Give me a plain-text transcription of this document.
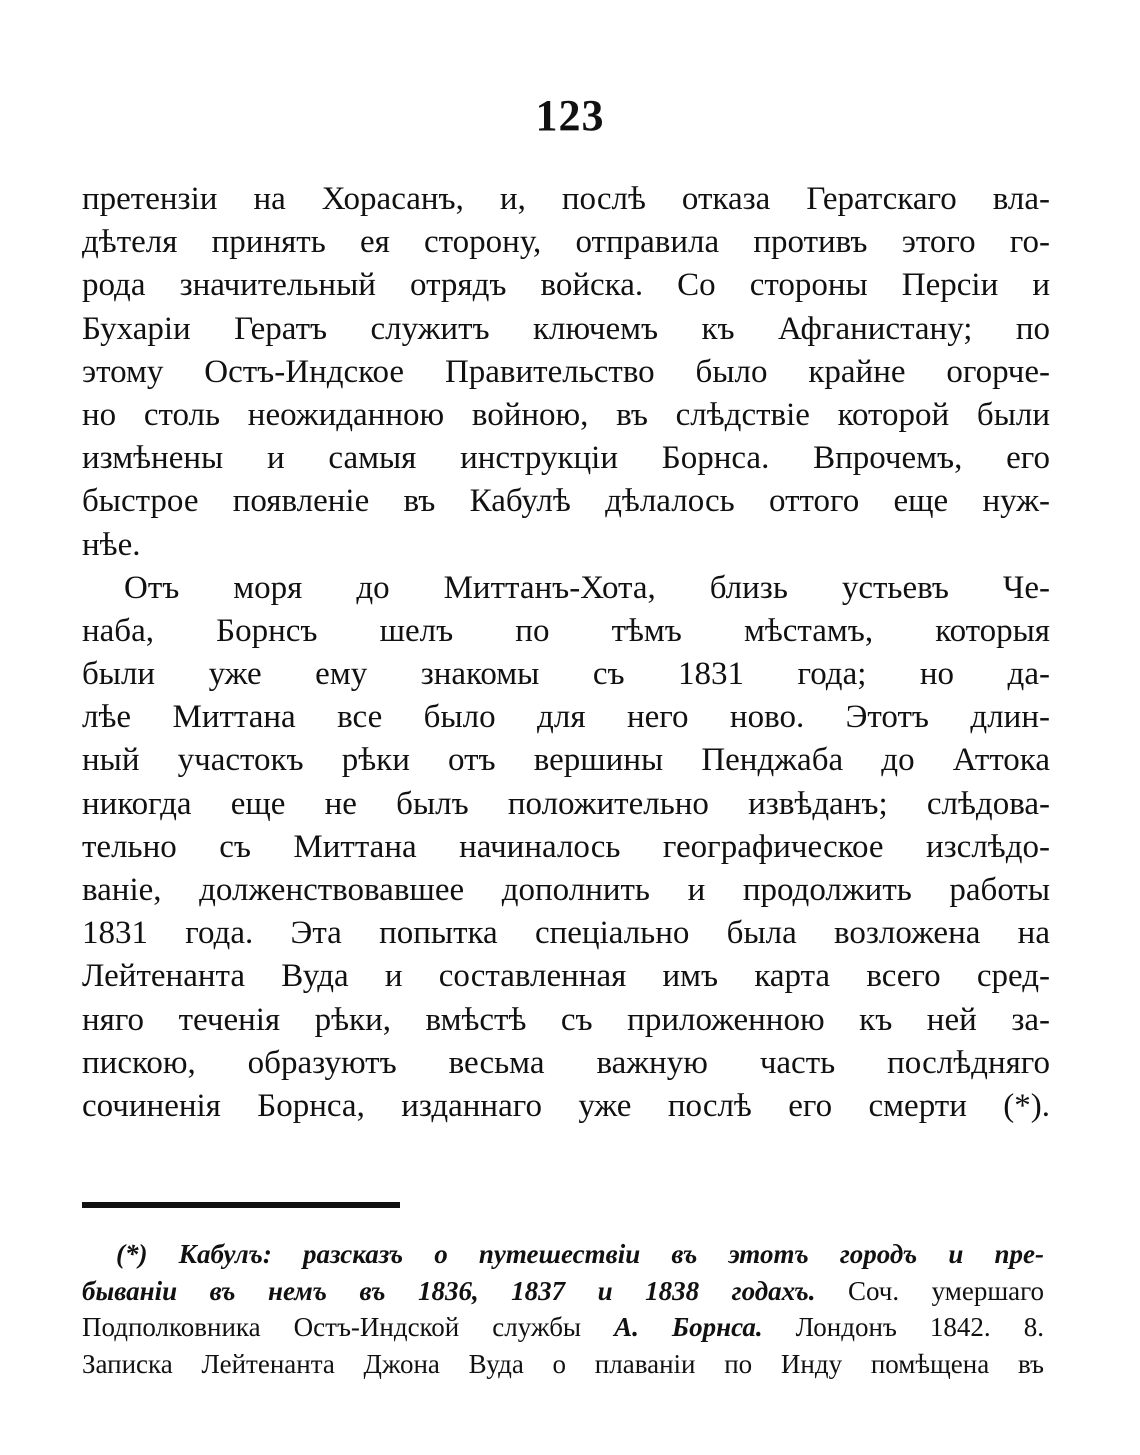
123
претензіи на Хорасанъ, и, послѣ отказа Гератскаго вла-
дѣтеля принять ея сторону, отправила противъ этого го-
рода значительный отрядъ войска. Со стороны Персіи и
Бухаріи Гератъ служитъ ключемъ къ Афганистану; по
этому Остъ-Индское Правительство было крайне огорче-
но столь неожиданною войною, въ слѣдствіе которой были
измѣнены и самыя инструкціи Борнса. Впрочемъ, его
быстрое появленіе въ Кабулѣ дѣлалось оттого еще нуж-
нѣе.
Отъ моря до Миттанъ-Хота, близь устьевъ Че-
наба, Борнсъ шелъ по тѣмъ мѣстамъ, которыя
были уже ему знакомы съ 1831 года; но да-
лѣе Миттана все было для него ново. Этотъ длин-
ный участокъ рѣки отъ вершины Пенджаба до Аттока
никогда еще не былъ положительно извѣданъ; слѣдова-
тельно съ Миттана начиналось географическое изслѣдо-
ваніе, долженствовавшее дополнить и продолжить работы
1831 года. Эта попытка спеціально была возложена на
Лейтенанта Вуда и составленная имъ карта всего сред-
няго теченія рѣки, вмѣстѣ съ приложенною къ ней за-
пискою, образуютъ весьма важную часть послѣдняго
сочиненія Борнса, изданнаго уже послѣ его смерти (*).
(*) Кабулъ: разсказъ о путешествіи въ этотъ городъ и пре-
бываніи въ немъ въ 1836, 1837 и 1838 годахъ. Соч. умершаго
Подполковника Остъ-Индской службы А. Борнса. Лондонъ 1842. 8.
Записка Лейтенанта Джона Вуда о плаваніи по Инду помѣщена въ
